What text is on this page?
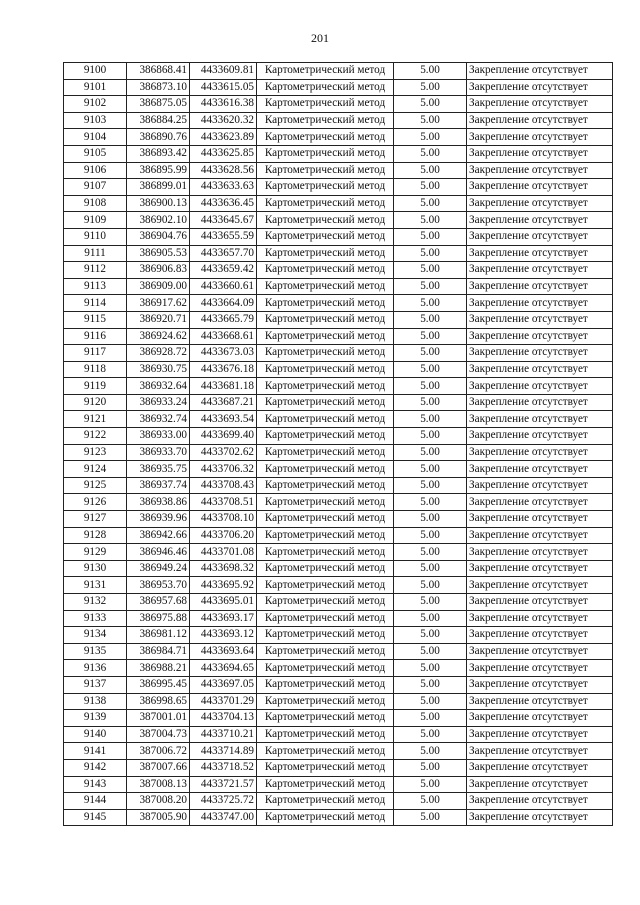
201
9100	386868.41	4433609.81	Картометрический метод	5.00	Закрепление отсутствует
9101	386873.10	4433615.05	Картометрический метод	5.00	Закрепление отсутствует
9102	386875.05	4433616.38	Картометрический метод	5.00	Закрепление отсутствует
9103	386884.25	4433620.32	Картометрический метод	5.00	Закрепление отсутствует
9104	386890.76	4433623.89	Картометрический метод	5.00	Закрепление отсутствует
9105	386893.42	4433625.85	Картометрический метод	5.00	Закрепление отсутствует
9106	386895.99	4433628.56	Картометрический метод	5.00	Закрепление отсутствует
9107	386899.01	4433633.63	Картометрический метод	5.00	Закрепление отсутствует
9108	386900.13	4433636.45	Картометрический метод	5.00	Закрепление отсутствует
9109	386902.10	4433645.67	Картометрический метод	5.00	Закрепление отсутствует
9110	386904.76	4433655.59	Картометрический метод	5.00	Закрепление отсутствует
9111	386905.53	4433657.70	Картометрический метод	5.00	Закрепление отсутствует
9112	386906.83	4433659.42	Картометрический метод	5.00	Закрепление отсутствует
9113	386909.00	4433660.61	Картометрический метод	5.00	Закрепление отсутствует
9114	386917.62	4433664.09	Картометрический метод	5.00	Закрепление отсутствует
9115	386920.71	4433665.79	Картометрический метод	5.00	Закрепление отсутствует
9116	386924.62	4433668.61	Картометрический метод	5.00	Закрепление отсутствует
9117	386928.72	4433673.03	Картометрический метод	5.00	Закрепление отсутствует
9118	386930.75	4433676.18	Картометрический метод	5.00	Закрепление отсутствует
9119	386932.64	4433681.18	Картометрический метод	5.00	Закрепление отсутствует
9120	386933.24	4433687.21	Картометрический метод	5.00	Закрепление отсутствует
9121	386932.74	4433693.54	Картометрический метод	5.00	Закрепление отсутствует
9122	386933.00	4433699.40	Картометрический метод	5.00	Закрепление отсутствует
9123	386933.70	4433702.62	Картометрический метод	5.00	Закрепление отсутствует
9124	386935.75	4433706.32	Картометрический метод	5.00	Закрепление отсутствует
9125	386937.74	4433708.43	Картометрический метод	5.00	Закрепление отсутствует
9126	386938.86	4433708.51	Картометрический метод	5.00	Закрепление отсутствует
9127	386939.96	4433708.10	Картометрический метод	5.00	Закрепление отсутствует
9128	386942.66	4433706.20	Картометрический метод	5.00	Закрепление отсутствует
9129	386946.46	4433701.08	Картометрический метод	5.00	Закрепление отсутствует
9130	386949.24	4433698.32	Картометрический метод	5.00	Закрепление отсутствует
9131	386953.70	4433695.92	Картометрический метод	5.00	Закрепление отсутствует
9132	386957.68	4433695.01	Картометрический метод	5.00	Закрепление отсутствует
9133	386975.88	4433693.17	Картометрический метод	5.00	Закрепление отсутствует
9134	386981.12	4433693.12	Картометрический метод	5.00	Закрепление отсутствует
9135	386984.71	4433693.64	Картометрический метод	5.00	Закрепление отсутствует
9136	386988.21	4433694.65	Картометрический метод	5.00	Закрепление отсутствует
9137	386995.45	4433697.05	Картометрический метод	5.00	Закрепление отсутствует
9138	386998.65	4433701.29	Картометрический метод	5.00	Закрепление отсутствует
9139	387001.01	4433704.13	Картометрический метод	5.00	Закрепление отсутствует
9140	387004.73	4433710.21	Картометрический метод	5.00	Закрепление отсутствует
9141	387006.72	4433714.89	Картометрический метод	5.00	Закрепление отсутствует
9142	387007.66	4433718.52	Картометрический метод	5.00	Закрепление отсутствует
9143	387008.13	4433721.57	Картометрический метод	5.00	Закрепление отсутствует
9144	387008.20	4433725.72	Картометрический метод	5.00	Закрепление отсутствует
9145	387005.90	4433747.00	Картометрический метод	5.00	Закрепление отсутствует
